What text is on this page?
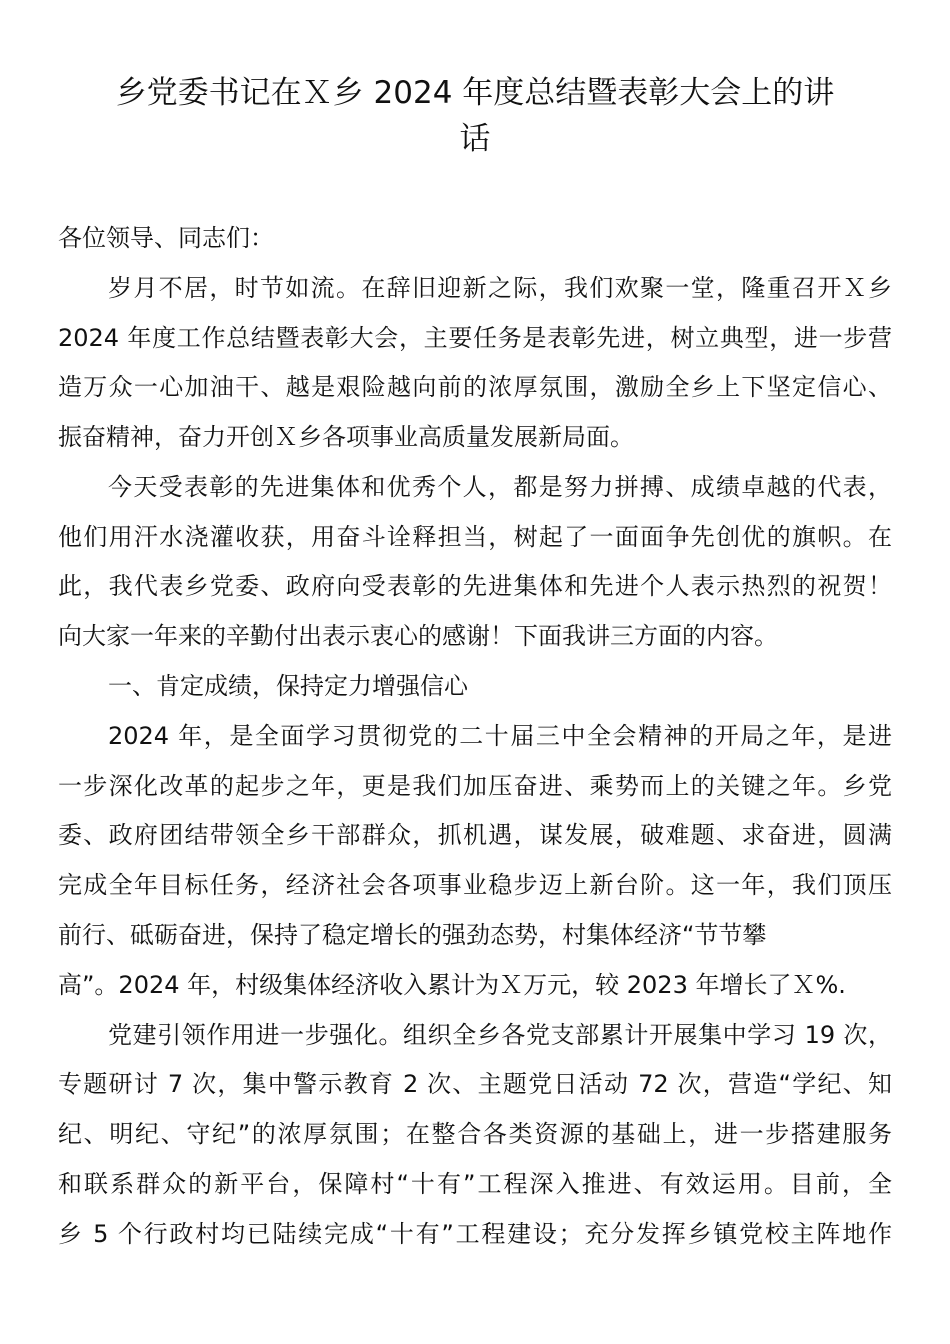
乡党委书记在Ｘ乡 2024 年度总结暨表彰大会上的讲
话

各位领导、同志们：

岁月不居，时节如流。在辞旧迎新之际，我们欢聚一堂，隆重召开Ｘ乡

2024 年度工作总结暨表彰大会，主要任务是表彰先进，树立典型，进一步营

造万众一心加油干、越是艰险越向前的浓厚氛围，激励全乡上下坚定信心、

振奋精神，奋力开创Ｘ乡各项事业高质量发展新局面。

今天受表彰的先进集体和优秀个人，都是努力拼搏、成绩卓越的代表，

他们用汗水浇灌收获，用奋斗诠释担当，树起了一面面争先创优的旗帜。在

此，我代表乡党委、政府向受表彰的先进集体和先进个人表示热烈的祝贺！

向大家一年来的辛勤付出表示衷心的感谢！下面我讲三方面的内容。

一、肯定成绩，保持定力增强信心

2024 年，是全面学习贯彻党的二十届三中全会精神的开局之年，是进

一步深化改革的起步之年，更是我们加压奋进、乘势而上的关键之年。乡党

委、政府团结带领全乡干部群众，抓机遇，谋发展，破难题、求奋进，圆满

完成全年目标任务，经济社会各项事业稳步迈上新台阶。这一年，我们顶压

前行、砥砺奋进，保持了稳定增长的强劲态势，村集体经济“节节攀

高”。2024 年，村级集体经济收入累计为Ｘ万元，较 2023 年增长了Ｘ%.

党建引领作用进一步强化。组织全乡各党支部累计开展集中学习 19 次，

专题研讨 7 次，集中警示教育 2 次、主题党日活动 72 次，营造“学纪、知

纪、明纪、守纪”的浓厚氛围；在整合各类资源的基础上，进一步搭建服务

和联系群众的新平台，保障村“十有”工程深入推进、有效运用。目前，全

乡 5 个行政村均已陆续完成“十有”工程建设；充分发挥乡镇党校主阵地作
